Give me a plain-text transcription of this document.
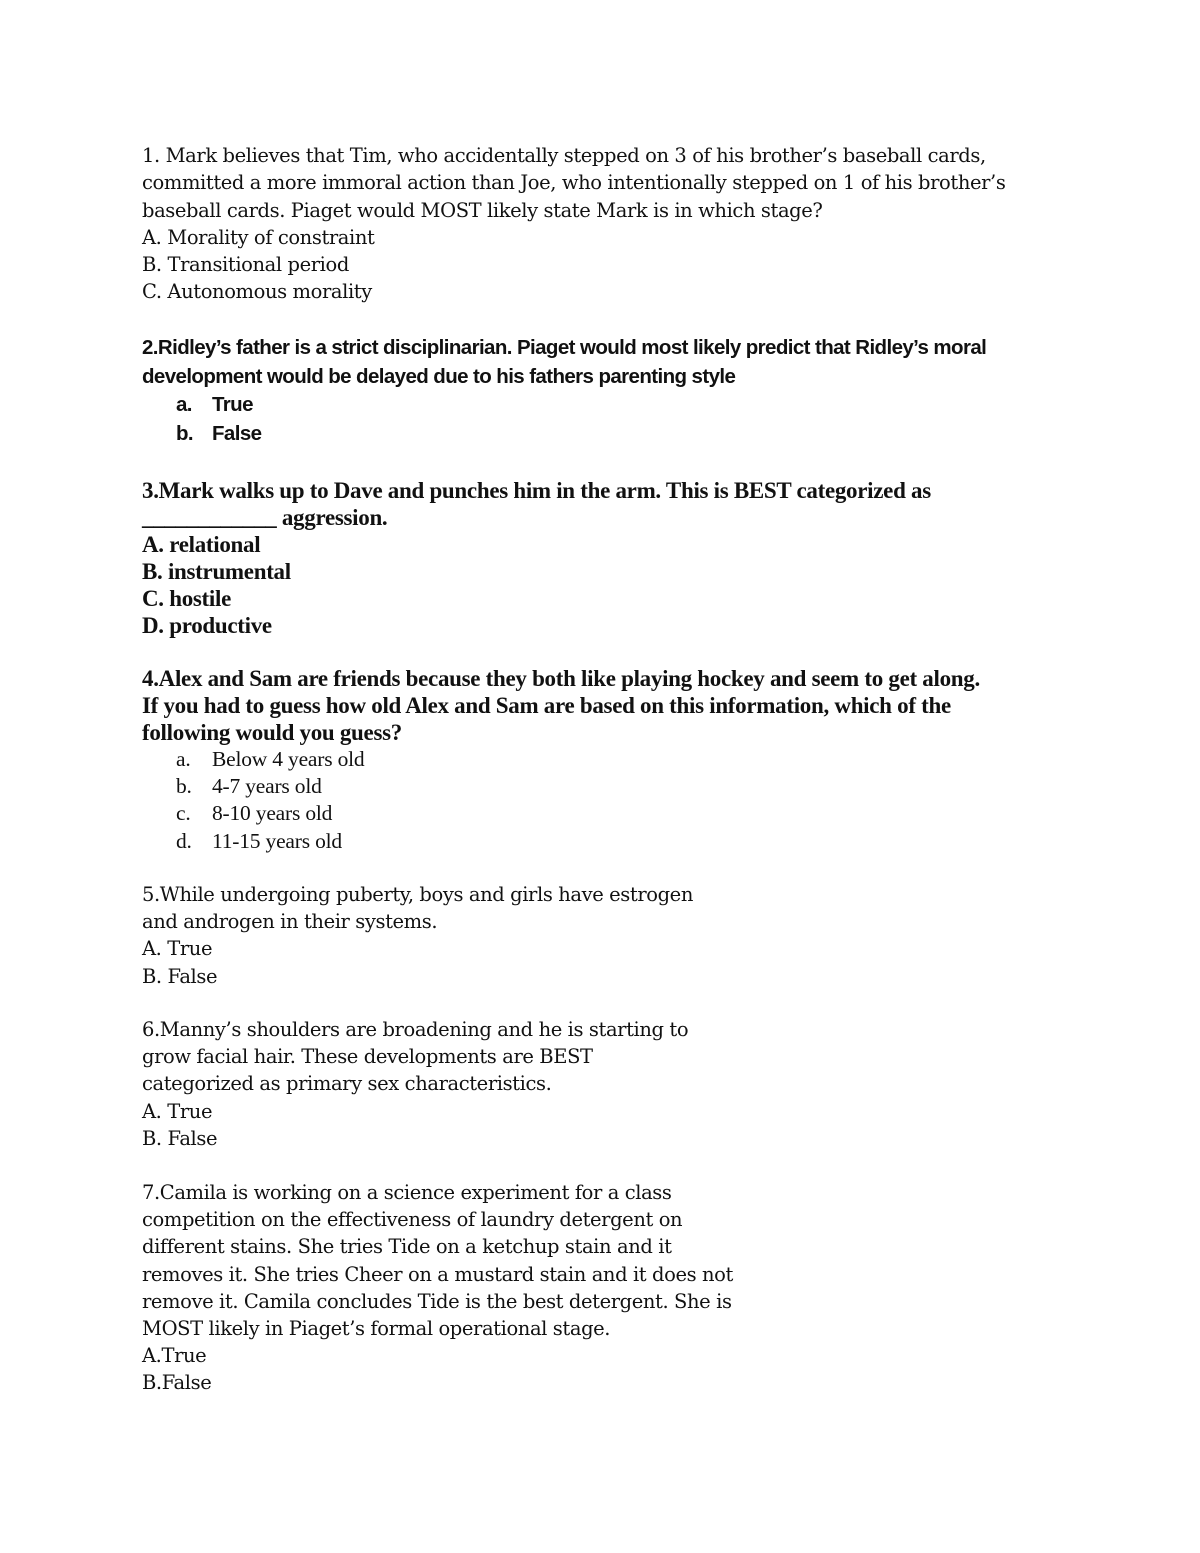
1. Mark believes that Tim, who accidentally stepped on 3 of his brother’s baseball cards,
committed a more immoral action than Joe, who intentionally stepped on 1 of his brother’s
baseball cards. Piaget would MOST likely state Mark is in which stage?
A. Morality of constraint
B. Transitional period
C. Autonomous morality
2.Ridley’s father is a strict disciplinarian. Piaget would most likely predict that Ridley’s moral
development would be delayed due to his fathers parenting style
a. True
b. False
3.Mark walks up to Dave and punches him in the arm. This is BEST categorized as
____________ aggression.
A. relational
B. instrumental
C. hostile
D. productive
4.Alex and Sam are friends because they both like playing hockey and seem to get along.
If you had to guess how old Alex and Sam are based on this information, which of the
following would you guess?
a. Below 4 years old
b. 4-7 years old
c. 8-10 years old
d. 11-15 years old
5.While undergoing puberty, boys and girls have estrogen
and androgen in their systems.
A. True
B. False
6.Manny’s shoulders are broadening and he is starting to
grow facial hair. These developments are BEST
categorized as primary sex characteristics.
A. True
B. False
7.Camila is working on a science experiment for a class
competition on the effectiveness of laundry detergent on
different stains. She tries Tide on a ketchup stain and it
removes it. She tries Cheer on a mustard stain and it does not
remove it. Camila concludes Tide is the best detergent. She is
MOST likely in Piaget’s formal operational stage.
A.True
B.False
